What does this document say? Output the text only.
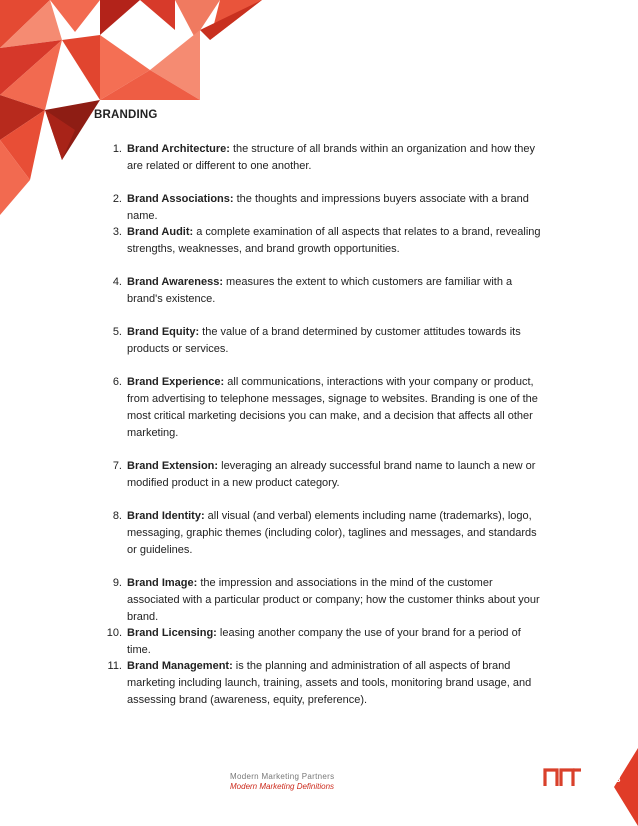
BRANDING
1. Brand Architecture: the structure of all brands within an organization and how they are related or different to one another.
2. Brand Associations: the thoughts and impressions buyers associate with a brand name.
3. Brand Audit: a complete examination of all aspects that relates to a brand, revealing strengths, weaknesses, and brand growth opportunities.
4. Brand Awareness: measures the extent to which customers are familiar with a brand's existence.
5. Brand Equity: the value of a brand determined by customer attitudes towards its products or services.
6. Brand Experience: all communications, interactions with your company or product, from advertising to telephone messages, signage to websites. Branding is one of the most critical marketing decisions you can make, and a decision that affects all other marketing.
7. Brand Extension: leveraging an already successful brand name to launch a new or modified product in a new product category.
8. Brand Identity: all visual (and verbal) elements including name (trademarks), logo, messaging, graphic themes (including color), taglines and messages, and standards or guidelines.
9. Brand Image: the impression and associations in the mind of the customer associated with a particular product or company; how the customer thinks about your brand.
10. Brand Licensing: leasing another company the use of your brand for a period of time.
11. Brand Management: is the planning and administration of all aspects of brand marketing including launch, training, assets and tools, monitoring brand usage, and assessing brand (awareness, equity, preference).
Modern Marketing Partners
Modern Marketing Definitions
3
